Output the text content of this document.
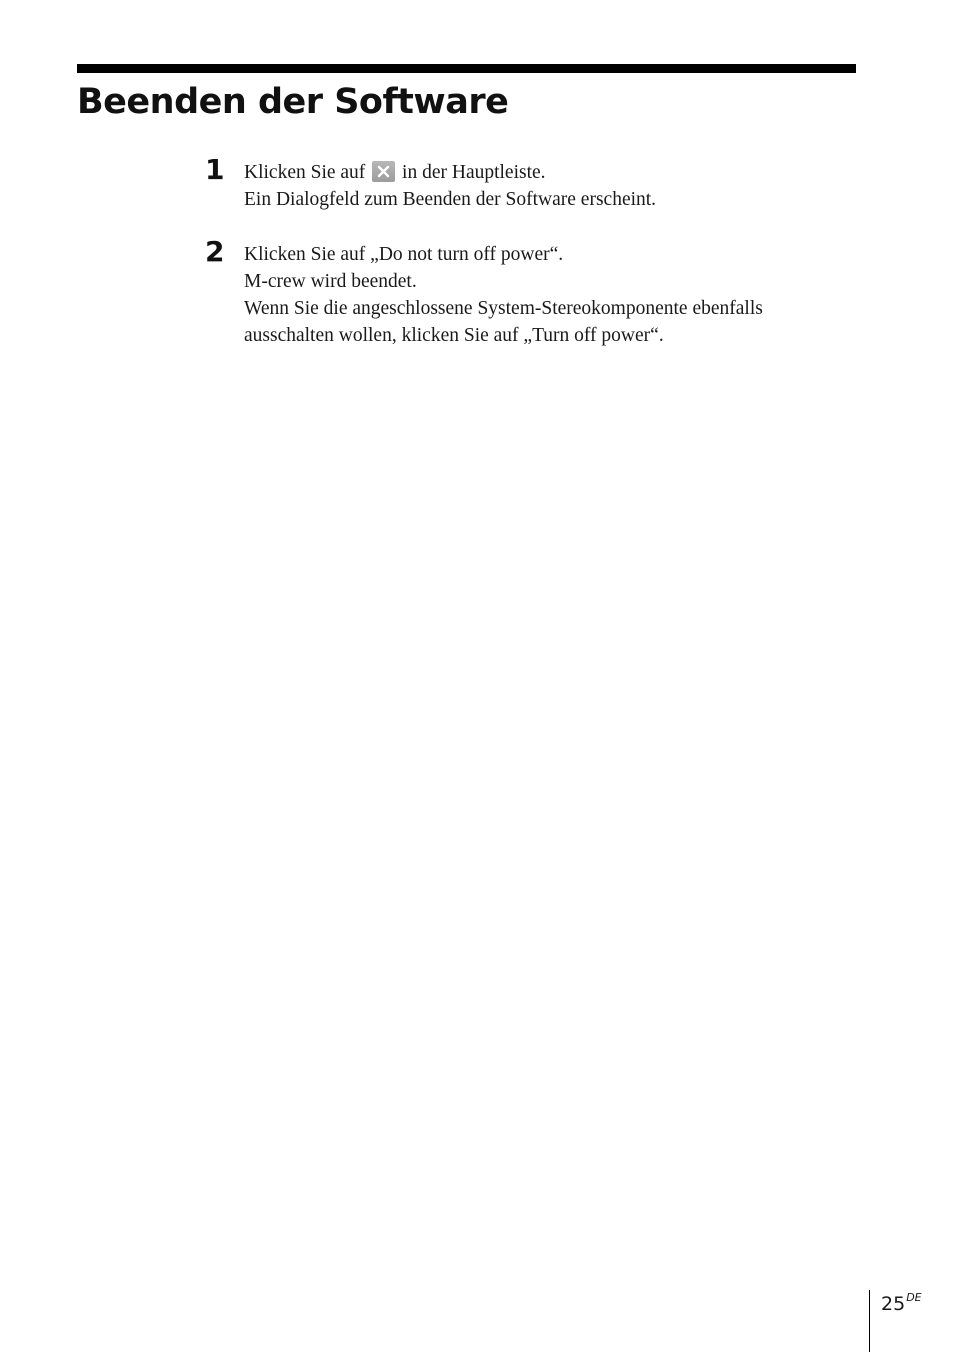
Beenden der Software
1 Klicken Sie auf in der Hauptleiste.

Ein Dialogfeld zum Beenden der Software erscheint.

2 Klicken Sie auf „Do not turn off power“.

M-crew wird beendet.

Wenn Sie die angeschlossene System-Stereokomponente ebenfalls ausschalten wollen, klicken Sie auf „Turn off power“.

25DE
